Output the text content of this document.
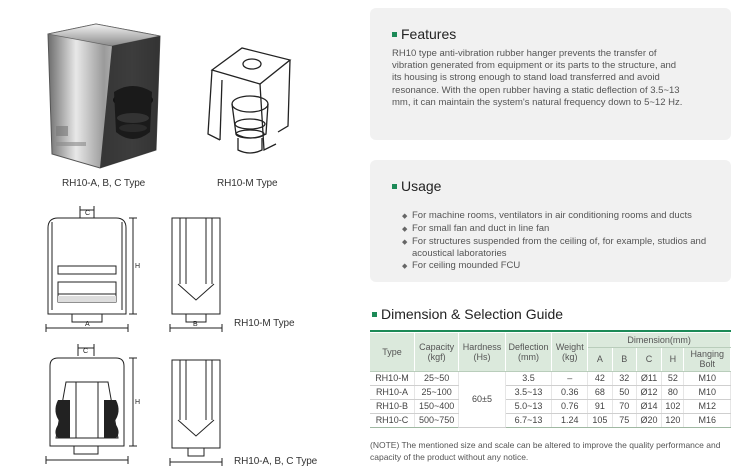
RH10-A, B, C Type	RH10-M Type
C
H
A	B	RH10-M Type
C
H
RH10-A, B, C Type
Features
RH10 type anti-vibration rubber hanger prevents the transfer of
vibration generated from equipment or its parts to the structure, and
its housing is strong enough to stand load transferred and avoid
resonance. With the open rubber having a static deflection of 3.5~13
mm, it can maintain the system's natural frequency down to 5~12 Hz.
Usage
◆ For machine rooms, ventilators in air conditioning rooms and ducts
◆ For small fan and duct in line fan
◆ For structures suspended from the ceiling of, for example, studios and acoustical laboratories
◆ For ceiling mounded FCU
Dimension & Selection Guide
Type	Capacity (kgf)	Hardness (Hs)	Deflection (mm)	Weight (kg)	Dimension(mm)				
					A	B	C	H	Hanging Bolt
RH10-M	25~50	60±5	3.5	–	42	32	Ø11	52	M10
RH10-A	25~100		3.5~13	0.36	68	50	Ø12	80	M10
RH10-B	150~400		5.0~13	0.76	91	70	Ø14	102	M12
RH10-C	500~750		6.7~13	1.24	105	75	Ø20	120	M16
(NOTE) The mentioned size and scale can be altered to improve the quality performance and capacity of the product without any notice.
